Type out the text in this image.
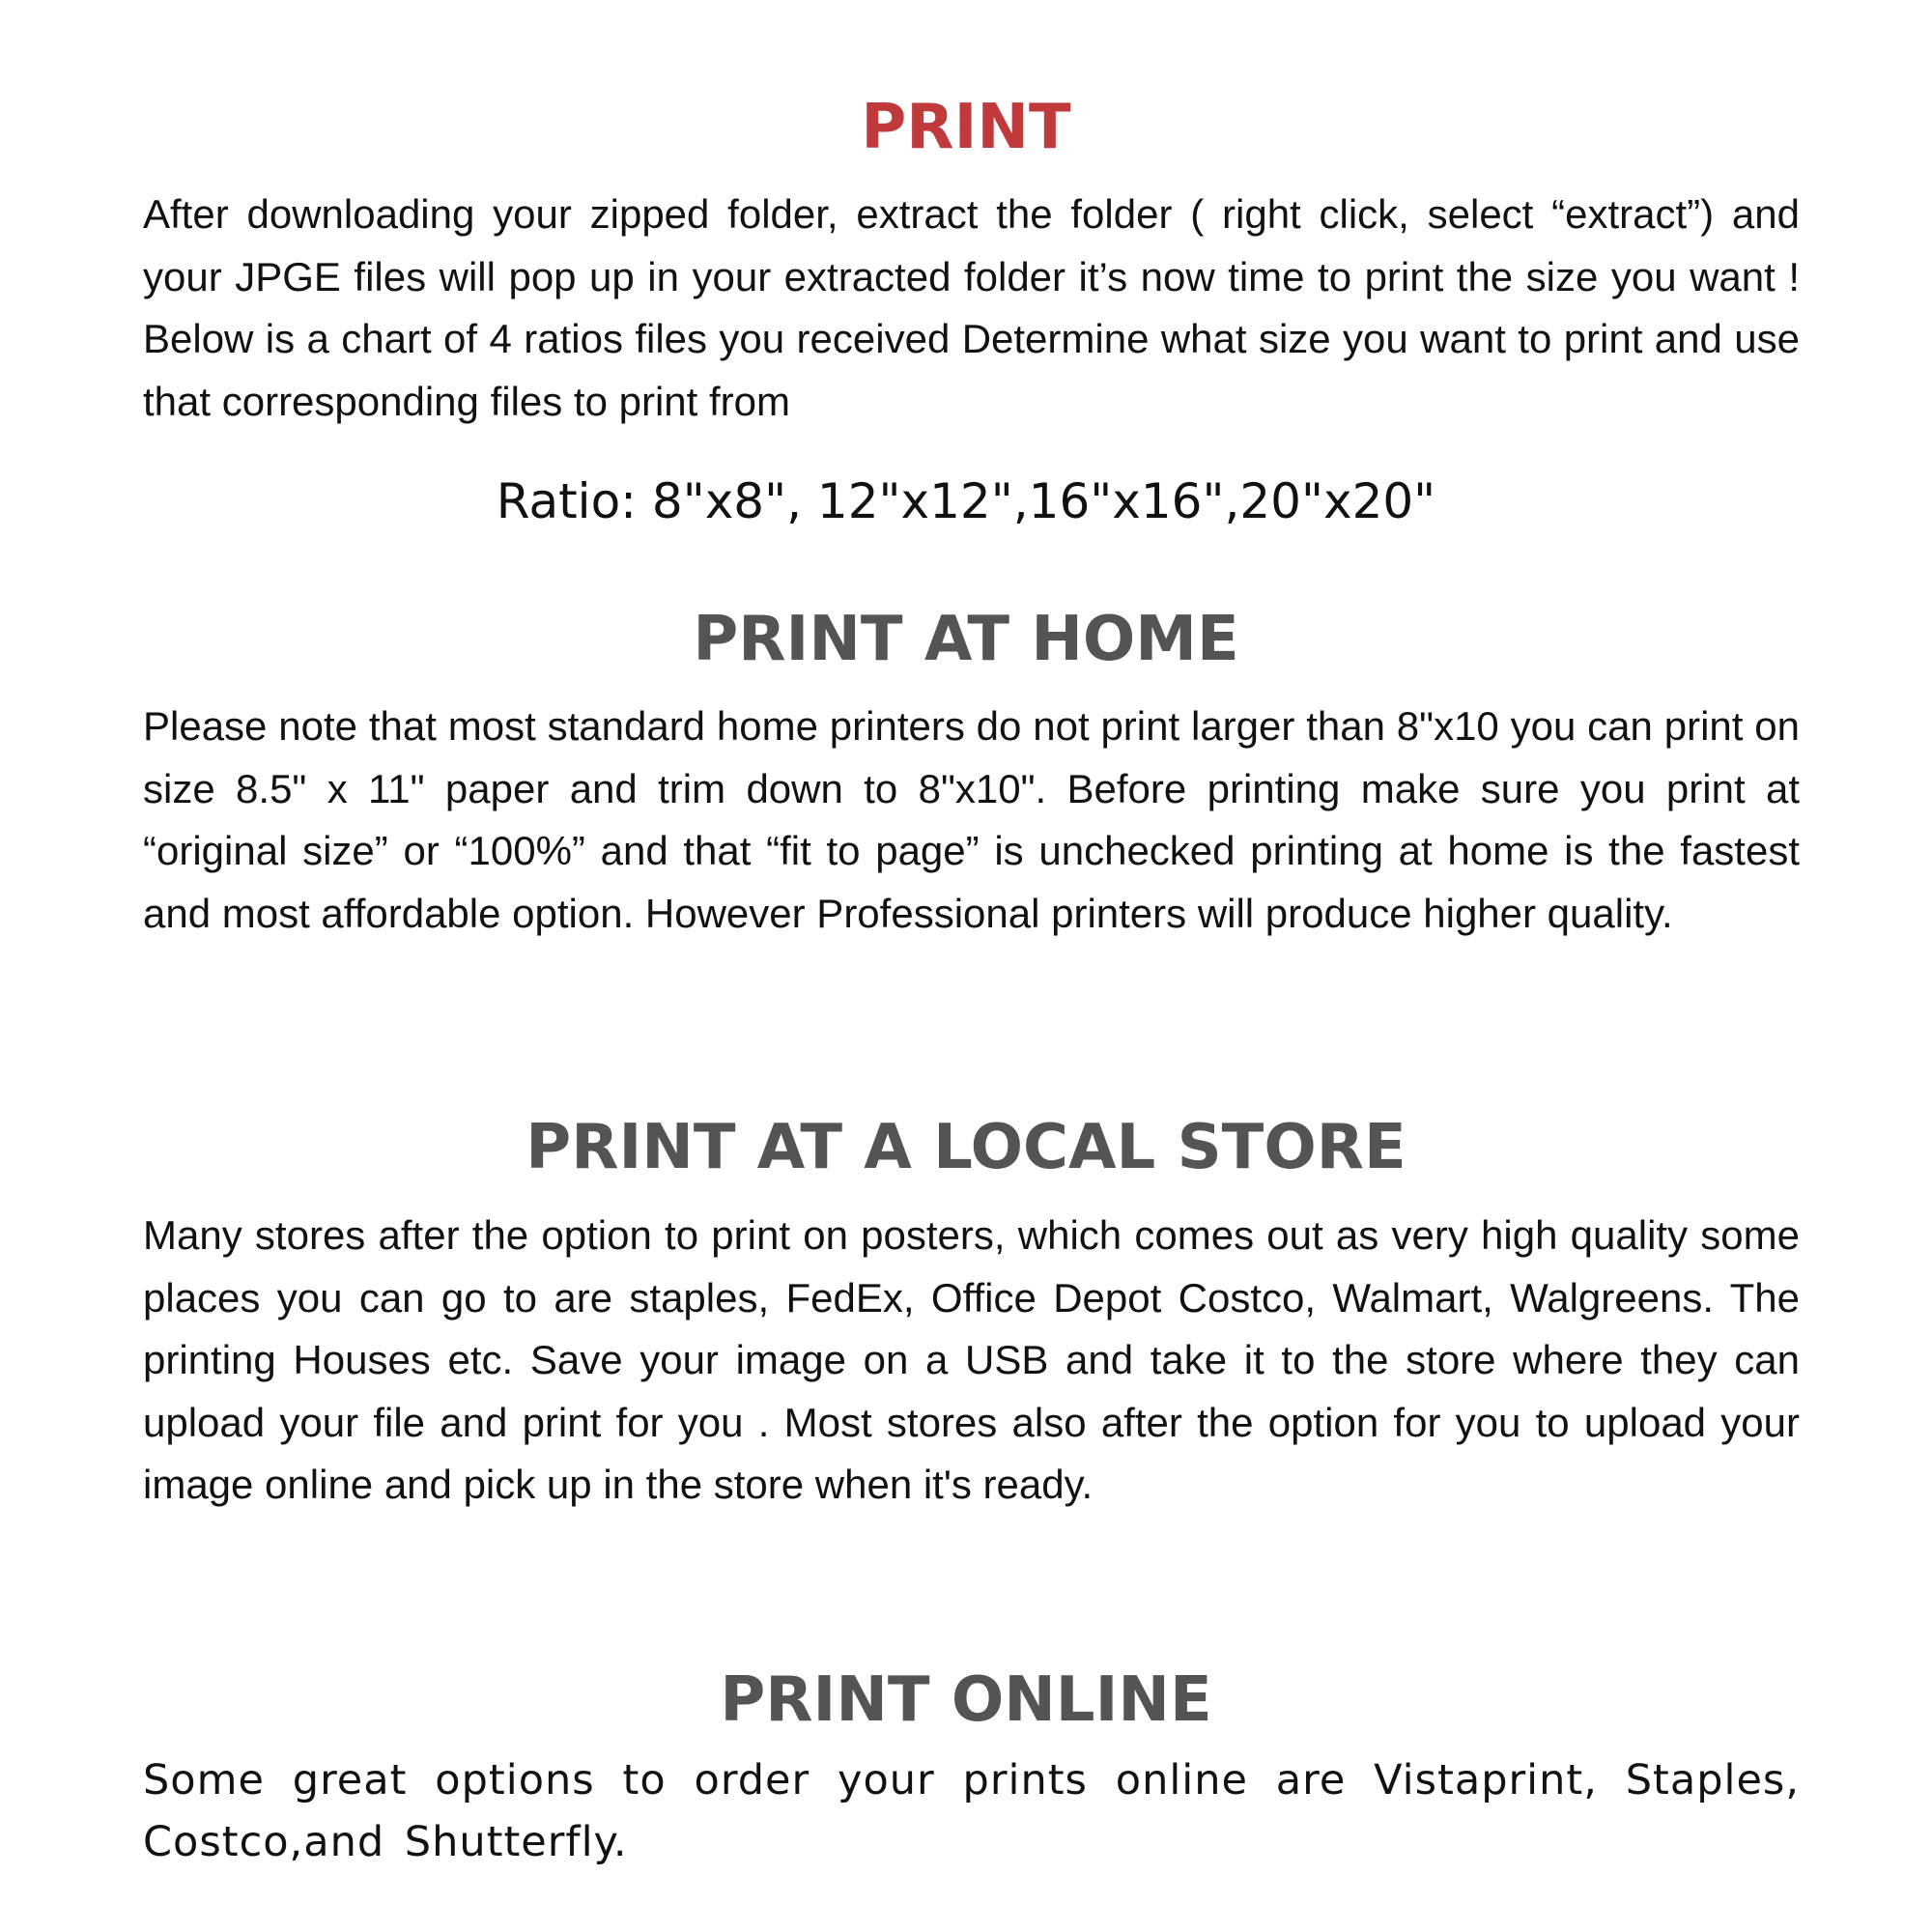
PRINT

After downloading your zipped folder, extract the folder ( right click, select “extract”) and your JPGE files will pop up in your extracted folder it’s now time to print the size you want ! Below is a chart of 4 ratios files you received Determine what size you want to print and use that corresponding files to print from

Ratio: 8"x8", 12"x12",16"x16",20"x20"

PRINT AT HOME

Please note that most standard home printers do not print larger than 8"x10 you can print on size 8.5" x 11" paper and trim down to 8"x10". Before printing make sure you print at “original size” or “100%” and that “fit to page” is unchecked printing at home is the fastest and most affordable option. However Professional printers will produce higher quality.

PRINT AT A LOCAL STORE

Many stores after the option to print on posters, which comes out as very high quality some places you can go to are staples, FedEx, Office Depot Costco, Walmart, Walgreens. The printing Houses etc. Save your image on a USB and take it to the store where they can upload your file and print for you . Most stores also after the option for you to upload your image online and pick up in the store when it's ready.

PRINT ONLINE

Some great options to order your prints online are Vistaprint, Staples, Costco,and Shutterfly.
